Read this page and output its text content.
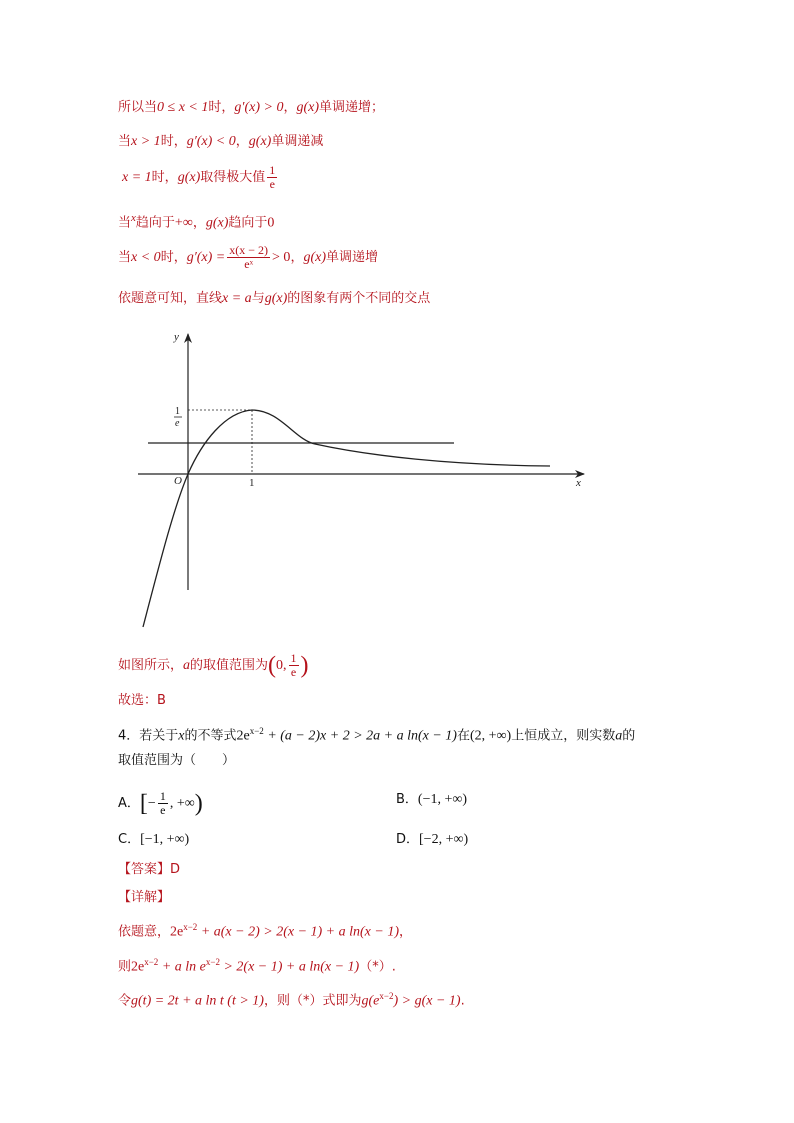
所以当0 ≤ x < 1时，g′(x) > 0，g(x)单调递增；
当x > 1时，g′(x) < 0，g(x)单调递减
x = 1时，g(x)取得极大值 $\frac{1}{e}$
当$^x$趋向于+∞，g(x)趋向于0
当x < 0时，$g'(x) = \frac{x(x - 2)}{\text{eˣ}} > 0$，g(x)单调递增
依题意可知，直线x = a与g(x)的图象有两个不同的交点
y
x
O	1
1
e
如图所示，a的取值范围为(0, $\frac{1}{e}$ )
故选：B
4．若关于x的不等式$2e^{x-2} + (a - 2)x + 2 > 2a + a$ ln(x − 1)在(2, +∞)上恒成立，则实数a的
取值范围为（　　）
A．[− $\frac{1}{e}$ , +∞)	B．(−1, +∞)
C．[−1, +∞)	D．[−2, +∞)
【答案】D
【详解】
依题意，$2e^{x-2} + a(x - 2) > 2(x - 1) + a$ ln(x − 1)，
则$2e^{x-2} + a$ $\ln e^{x-2} > 2(x - 1) + a$ ln(x − 1)（*）.
令g(t) = 2t + a ln t (t > 1)，则（*）式即为$g(e^{x-2}) > g(x - 1)$.
